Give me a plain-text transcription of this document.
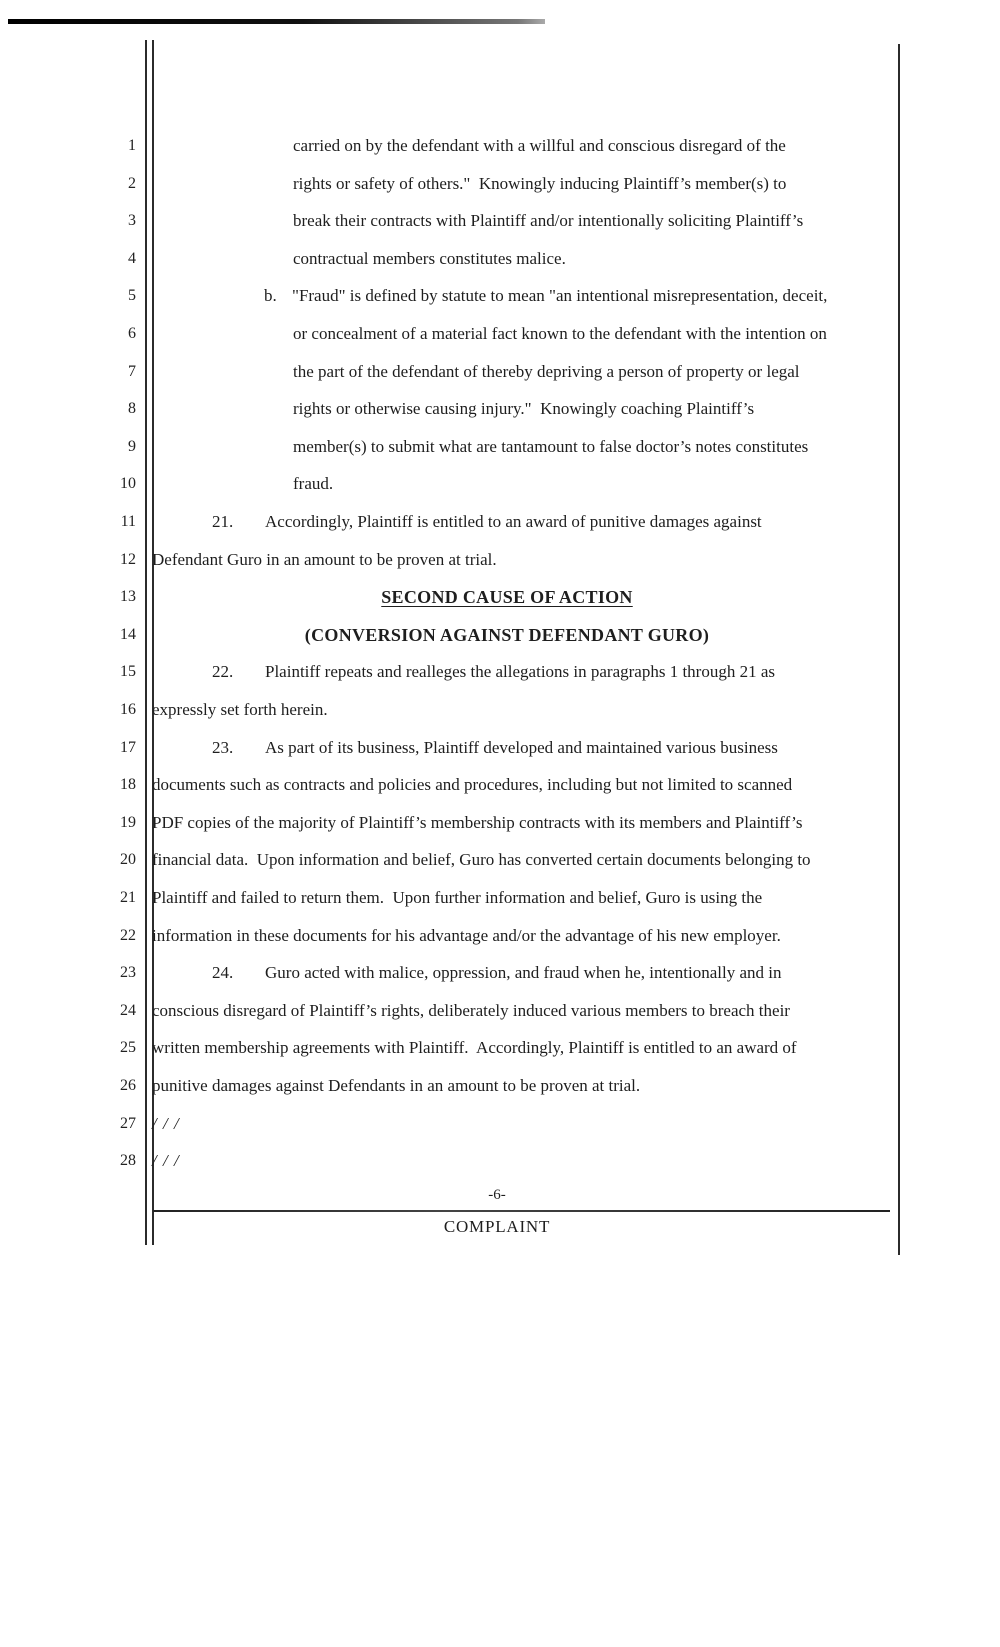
1	carried on by the defendant with a willful and conscious disregard of the
2	rights or safety of others."  Knowingly inducing Plaintiff’s member(s) to
3	break their contracts with Plaintiff and/or intentionally soliciting Plaintiff’s
4	contractual members constitutes malice.
5	b. "Fraud" is defined by statute to mean "an intentional misrepresentation, deceit,
6	or concealment of a material fact known to the defendant with the intention on
7	the part of the defendant of thereby depriving a person of property or legal
8	rights or otherwise causing injury."  Knowingly coaching Plaintiff’s
9	member(s) to submit what are tantamount to false doctor’s notes constitutes
10	fraud.
11	21. Accordingly, Plaintiff is entitled to an award of punitive damages against
12 Defendant Guro in an amount to be proven at trial.
13	SECOND CAUSE OF ACTION
14	(CONVERSION AGAINST DEFENDANT GURO)
15	22. Plaintiff repeats and realleges the allegations in paragraphs 1 through 21 as
16 expressly set forth herein.
17	23. As part of its business, Plaintiff developed and maintained various business
18 documents such as contracts and policies and procedures, including but not limited to scanned
19 PDF copies of the majority of Plaintiff’s membership contracts with its members and Plaintiff’s
20 financial data.  Upon information and belief, Guro has converted certain documents belonging to
21 Plaintiff and failed to return them.  Upon further information and belief, Guro is using the
22 information in these documents for his advantage and/or the advantage of his new employer.
23	24. Guro acted with malice, oppression, and fraud when he, intentionally and in
24 conscious disregard of Plaintiff’s rights, deliberately induced various members to breach their
25 written membership agreements with Plaintiff.  Accordingly, Plaintiff is entitled to an award of
26 punitive damages against Defendants in an amount to be proven at trial.
27 / / /
28 / / /
-6-
COMPLAINT
